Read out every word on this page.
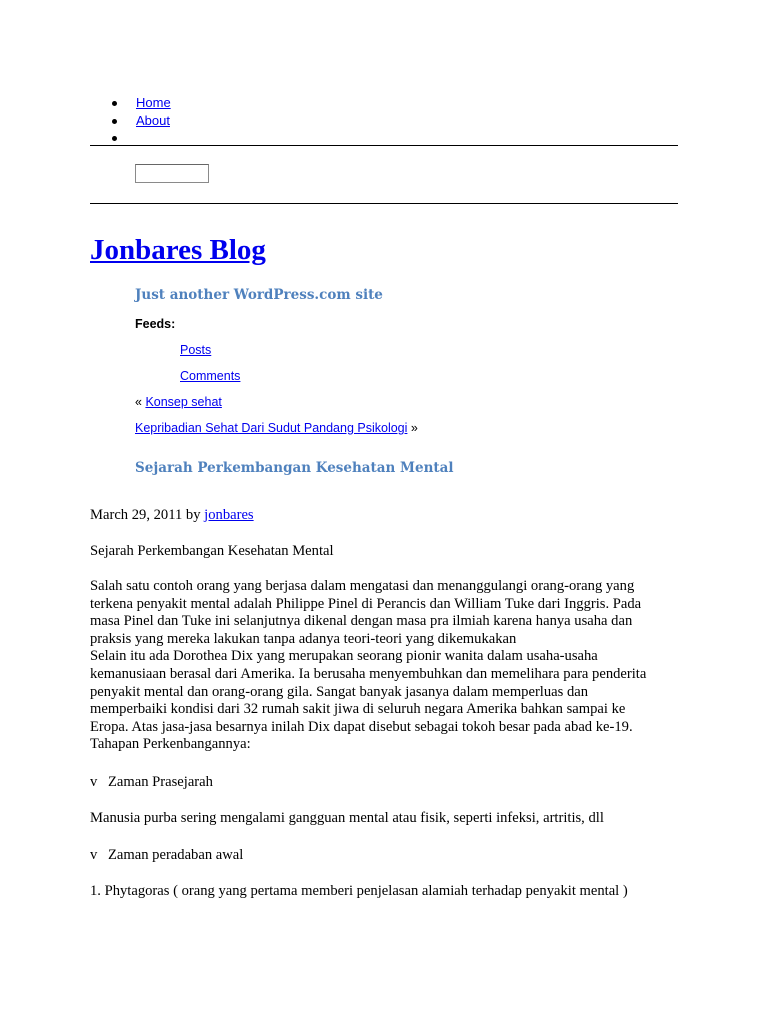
Home
About
Jonbares Blog
Just another WordPress.com site
Feeds:
Posts
Comments
« Konsep sehat
Kepribadian Sehat Dari Sudut Pandang Psikologi »
Sejarah Perkembangan Kesehatan Mental

March 29, 2011 by jonbares

Sejarah Perkembangan Kesehatan Mental

Salah satu contoh orang yang berjasa dalam mengatasi dan menanggulangi orang-orang yang
terkena penyakit mental adalah Philippe Pinel di Perancis dan William Tuke dari Inggris. Pada
masa Pinel dan Tuke ini selanjutnya dikenal dengan masa pra ilmiah karena hanya usaha dan
praksis yang mereka lakukan tanpa adanya teori-teori yang dikemukakan
Selain itu ada Dorothea Dix yang merupakan seorang pionir wanita dalam usaha-usaha
kemanusiaan berasal dari Amerika. Ia berusaha menyembuhkan dan memelihara para penderita
penyakit mental dan orang-orang gila. Sangat banyak jasanya dalam memperluas dan
memperbaiki kondisi dari 32 rumah sakit jiwa di seluruh negara Amerika bahkan sampai ke
Eropa. Atas jasa-jasa besarnya inilah Dix dapat disebut sebagai tokoh besar pada abad ke-19.
Tahapan Perkenbangannya:

v Zaman Prasejarah

Manusia purba sering mengalami gangguan mental atau fisik, seperti infeksi, artritis, dll

v Zaman peradaban awal

1. Phytagoras ( orang yang pertama memberi penjelasan alamiah terhadap penyakit mental )
